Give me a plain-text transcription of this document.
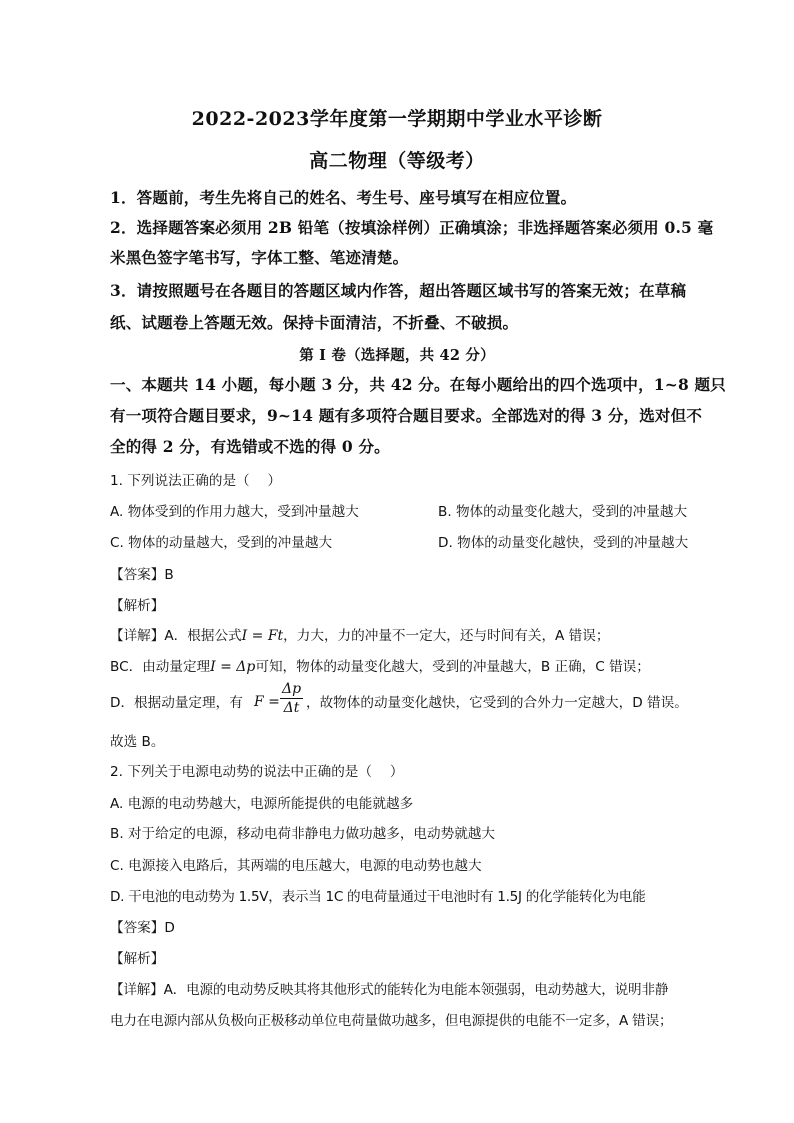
2022-2023学年度第一学期期中学业水平诊断
高二物理（等级考）
1．答题前，考生先将自己的姓名、考生号、座号填写在相应位置。
2．选择题答案必须用 2B 铅笔（按填涂样例）正确填涂；非选择题答案必须用 0.5 毫
米黑色签字笔书写，字体工整、笔迹清楚。
3．请按照题号在各题目的答题区域内作答，超出答题区域书写的答案无效；在草稿
纸、试题卷上答题无效。保持卡面清洁，不折叠、不破损。
第 I 卷（选择题，共 42 分）
一、本题共 14 小题，每小题 3 分，共 42 分。在每小题给出的四个选项中，1~8 题只
有一项符合题目要求，9~14 题有多项符合题目要求。全部选对的得 3 分，选对但不
全的得 2 分，有选错或不选的得 0 分。
1. 下列说法正确的是（　 ）
A. 物体受到的作用力越大，受到冲量越大	B. 物体的动量变化越大，受到的冲量越大
C. 物体的动量越大，受到的冲量越大	D. 物体的动量变化越快，受到的冲量越大
【答案】B
【解析】
【详解】A．根据公式I = Ft，力大，力的冲量不一定大，还与时间有关，A 错误；
BC．由动量定理I = Δp可知，物体的动量变化越大，受到的冲量越大，B 正确，C 错误；
D．根据动量定理，有 $F = \frac{\Delta p}{\Delta t}$ ，故物体的动量变化越快，它受到的合外力一定越大，D 错误。
故选 B。
2. 下列关于电源电动势的说法中正确的是（　 ）
A. 电源的电动势越大，电源所能提供的电能就越多
B. 对于给定的电源，移动电荷非静电力做功越多，电动势就越大
C. 电源接入电路后，其两端的电压越大，电源的电动势也越大
D. 干电池的电动势为 1.5V，表示当 1C 的电荷量通过干电池时有 1.5J 的化学能转化为电能
【答案】D
【解析】
【详解】A．电源的电动势反映其将其他形式的能转化为电能本领强弱，电动势越大，说明非静
电力在电源内部从负极向正极移动单位电荷量做功越多，但电源提供的电能不一定多，A 错误；
